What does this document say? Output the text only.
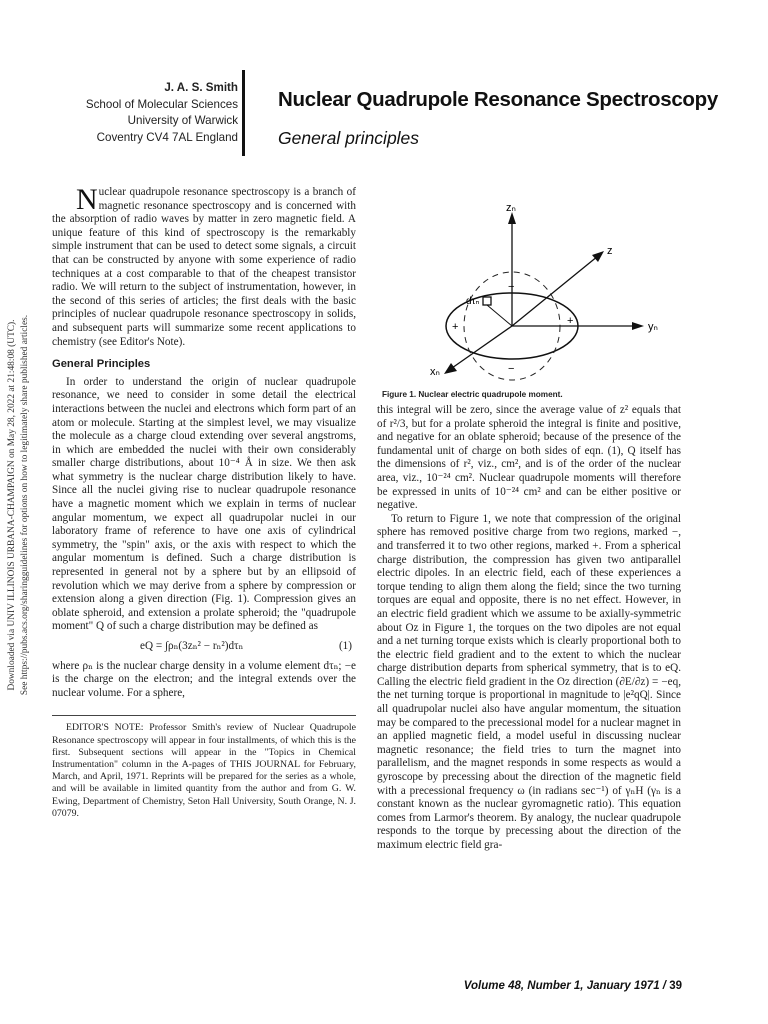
Downloaded via UNIV ILLINOIS URBANA-CHAMPAIGN on May 28, 2022 at 21:48:08 (UTC). See https://pubs.acs.org/sharingguidelines for options on how to legitimately share published articles.
J. A. S. Smith
School of Molecular Sciences
University of Warwick
Coventry CV4 7AL England
Nuclear Quadrupole Resonance Spectroscopy
General principles

Nuclear quadrupole resonance spectroscopy is a branch of magnetic resonance spectroscopy and is concerned with the absorption of radio waves by matter in zero magnetic field. A unique feature of this kind of spectroscopy is the remarkably simple instrument that can be used to detect some signals, a circuit that can be constructed by anyone with some experience of radio techniques at a cost comparable to that of the cheapest transistor radio. We will return to the subject of instrumentation, however, in the second of this series of articles; the first deals with the basic principles of nuclear quadrupole resonance spectroscopy in solids, and subsequent parts will summarize some recent applications to chemistry (see Editor's Note).

General Principles

In order to understand the origin of nuclear quadrupole resonance, we need to consider in some detail the electrical interactions between the nuclei and electrons which form part of an atom or molecule. Starting at the simplest level, we may visualize the molecule as a charge cloud extending over several angstroms, in which are embedded the nuclei with their own considerably smaller charge distributions, about 10⁻⁴ Å in size. We then ask what symmetry is the nuclear charge distribution likely to have. Since all the nuclei giving rise to nuclear quadrupole resonance have a magnetic moment which we explain in terms of nuclear angular momentum, we expect all quadrupolar nuclei in our laboratory frame of reference to have one axis of cylindrical symmetry, the "spin" axis, or the axis with respect to which the angular momentum is defined. Such a charge distribution is represented in general not by a sphere but by an ellipsoid of revolution which we may derive from a sphere by compression or extension along a given direction (Fig. 1). Compression gives an oblate spheroid, and extension a prolate spheroid; the "quadrupole moment" Q of such a charge distribution may be defined as

eQ = ∫ρₙ(3zₙ² − rₙ²)dτₙ	(1)

where ρₙ is the nuclear charge density in a volume element dτₙ; −e is the charge on the electron; and the integral extends over the nuclear volume. For a sphere,

EDITOR'S NOTE: Professor Smith's review of Nuclear Quadrupole Resonance spectroscopy will appear in four installments, of which this is the first. Subsequent sections will appear in the "Topics in Chemical Instrumentation" column in the A-pages of THIS JOURNAL for February, March, and April, 1971. Reprints will be prepared for the series as a whole, and will be available in limited quantity from the author and from G. W. Ewing, Department of Chemistry, Seton Hall University, South Orange, N. J. 07079.

zₙ
z
yₙ
xₙ
dτₙ
+	+
−
−
Figure 1. Nuclear electric quadrupole moment.

this integral will be zero, since the average value of z² equals that of r²/3, but for a prolate spheroid the integral is finite and positive, and negative for an oblate spheroid; because of the presence of the fundamental unit of charge on both sides of eqn. (1), Q itself has the dimensions of r², viz., cm², and is of the order of the nuclear area, viz., 10⁻²⁴ cm². Nuclear quadrupole moments will therefore be expressed in units of 10⁻²⁴ cm² and can be either positive or negative.

To return to Figure 1, we note that compression of the original sphere has removed positive charge from two regions, marked −, and transferred it to two other regions, marked +. From a spherical charge distribution, the compression has given two antiparallel electric dipoles. In an electric field, each of these experiences a torque tending to align them along the field; since the two turning torques are equal and opposite, there is no net effect. However, in an electric field gradient which we assume to be axially-symmetric about Oz in Figure 1, the torques on the two dipoles are not equal and a net turning torque exists which is clearly proportional both to the electric field gradient and to the extent to which the nuclear charge distribution departs from spherical symmetry, that is to eQ. Calling the electric field gradient in the Oz direction (∂E/∂z) = −eq, the net turning torque is proportional in magnitude to |e²qQ|. Since all quadrupolar nuclei also have angular momentum, the situation may be compared to the precessional model for a nuclear magnet in an applied magnetic field, a model useful in discussing nuclear magnetic resonance; the field tries to turn the magnet into parallelism, and the magnet responds in some respects as would a gyroscope by precessing about the direction of the magnetic field with a precessional frequency ω (in radians sec⁻¹) of γₙH (γₙ is a constant known as the nuclear gyromagnetic ratio). This equation comes from Larmor's theorem. By analogy, the nuclear quadrupole responds to the torque by precessing about the direction of the maximum electric field gra-

Volume 48, Number 1, January 1971 / 39
